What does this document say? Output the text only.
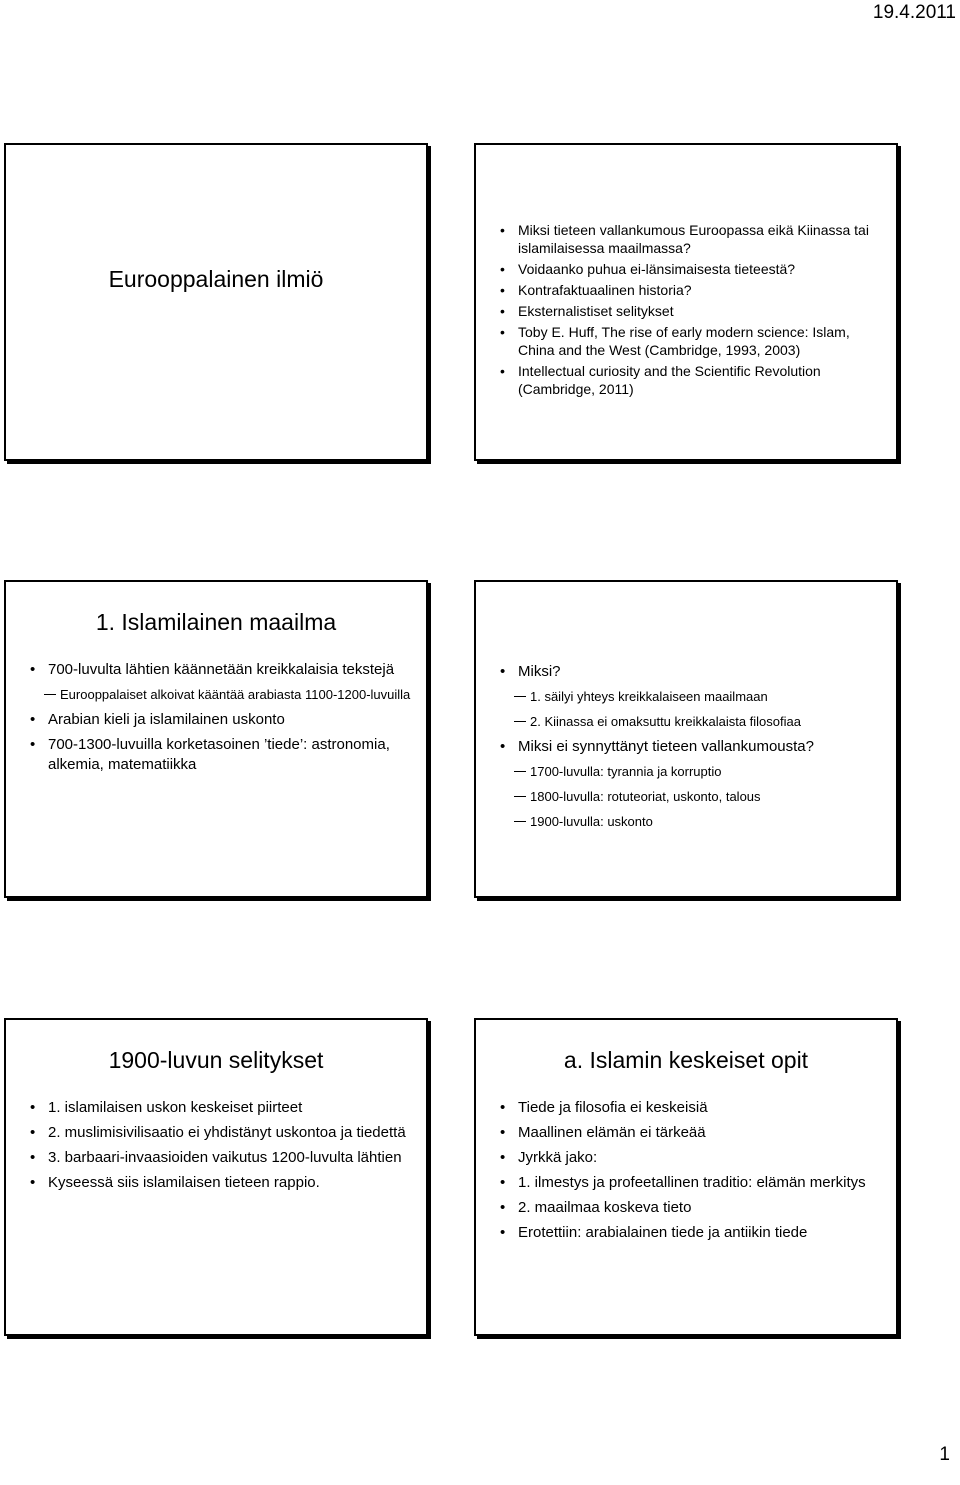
19.4.2011
Eurooppalainen ilmiö
• Miksi tieteen vallankumous Euroopassa eikä Kiinassa tai islamilaisessa maailmassa?
• Voidaanko puhua ei-länsimaisesta tieteestä?
• Kontrafaktuaalinen historia?
• Eksternalistiset selitykset
• Toby E. Huff, The rise of early modern science: Islam, China and the West (Cambridge, 1993, 2003)
• Intellectual curiosity and the Scientific Revolution (Cambridge, 2011)
1. Islamilainen maailma
• 700-luvulta lähtien käännetään kreikkalaisia tekstejä
Eurooppalaiset alkoivat kääntää arabiasta 1100-1200-luvuilla
• Arabian kieli ja islamilainen uskonto
• 700-1300-luvuilla korketasoinen ’tiede’: astronomia, alkemia, matematiikka
• Miksi?
1. säilyi yhteys kreikkalaiseen maailmaan
2. Kiinassa ei omaksuttu kreikkalaista filosofiaa
• Miksi ei synnyttänyt tieteen vallankumousta?
1700-luvulla: tyrannia ja korruptio
1800-luvulla: rotuteoriat, uskonto, talous
1900-luvulla: uskonto
1900-luvun selitykset
• 1. islamilaisen uskon keskeiset piirteet
• 2. muslimisivilisaatio ei yhdistänyt uskontoa ja tiedettä
• 3. barbaari-invaasioiden vaikutus 1200-luvulta lähtien
• Kyseessä siis islamilaisen tieteen rappio.
a. Islamin keskeiset opit
• Tiede ja filosofia ei keskeisiä
• Maallinen elämän ei tärkeää
• Jyrkkä jako:
• 1. ilmestys ja profeetallinen traditio: elämän merkitys
• 2. maailmaa koskeva tieto
• Erotettiin: arabialainen tiede ja antiikin tiede
1
